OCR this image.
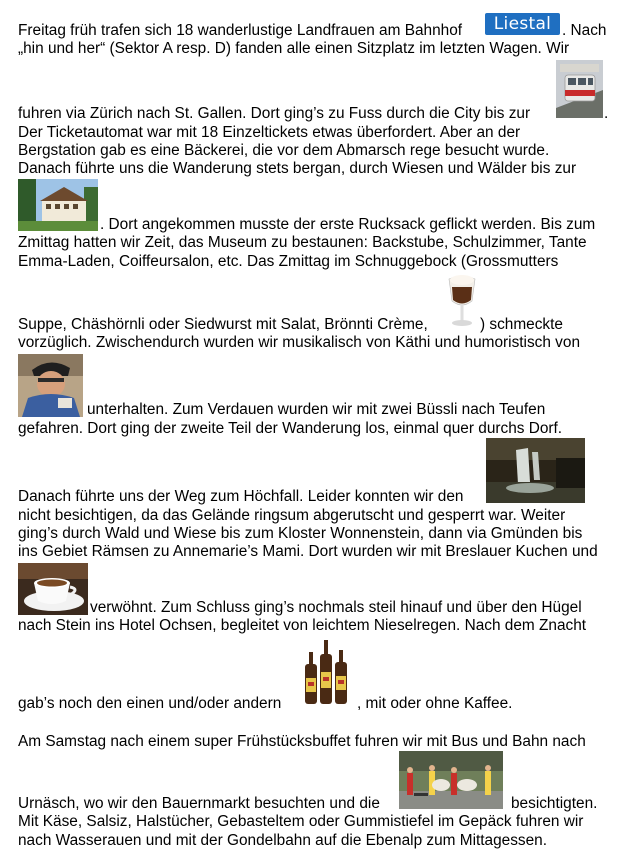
Freitag früh trafen sich 18 wanderlustige Landfrauen am Bahnhof	. Nach
„hin und her“ (Sektor A resp. D) fanden alle einen Sitzplatz im letzten Wagen. Wir
fuhren via Zürich nach St. Gallen. Dort ging’s zu Fuss durch die City bis zur	.
Der Ticketautomat war mit 18 Einzeltickets etwas überfordert. Aber an der
Bergstation gab es eine Bäckerei, die vor dem Abmarsch rege besucht wurde.
Danach führte uns die Wanderung stets bergan, durch Wiesen und Wälder bis zur
. Dort angekommen musste der erste Rucksack geflickt werden. Bis zum
Zmittag hatten wir Zeit, das Museum zu bestaunen: Backstube, Schulzimmer, Tante
Emma-Laden, Coiffeursalon, etc. Das Zmittag im Schnuggebock (Grossmutters
Suppe, Chäshörnli oder Siedwurst mit Salat, Brönnti Crème,	) schmeckte
vorzüglich. Zwischendurch wurden wir musikalisch von Käthi und humoristisch von
unterhalten. Zum Verdauen wurden wir mit zwei Büssli nach Teufen
gefahren. Dort ging der zweite Teil der Wanderung los, einmal quer durchs Dorf.
Danach führte uns der Weg zum Höchfall. Leider konnten wir den
nicht besichtigen, da das Gelände ringsum abgerutscht und gesperrt war. Weiter
ging’s durch Wald und Wiese bis zum Kloster Wonnenstein, dann via Gmünden bis
ins Gebiet Rämsen zu Annemarie’s Mami. Dort wurden wir mit Breslauer Kuchen und
verwöhnt. Zum Schluss ging’s nochmals steil hinauf und über den Hügel
nach Stein ins Hotel Ochsen, begleitet von leichtem Nieselregen. Nach dem Znacht
gab’s noch den einen und/oder andern	, mit oder ohne Kaffee.
Am Samstag nach einem super Frühstücksbuffet fuhren wir mit Bus und Bahn nach
Urnäsch, wo wir den Bauernmarkt besuchten und die	besichtigten.
Mit Käse, Salsiz, Halstücher, Gebasteltem oder Gummistiefel im Gepäck fuhren wir
nach Wasserauen und mit der Gondelbahn auf die Ebenalp zum Mittagessen.
Liestal
